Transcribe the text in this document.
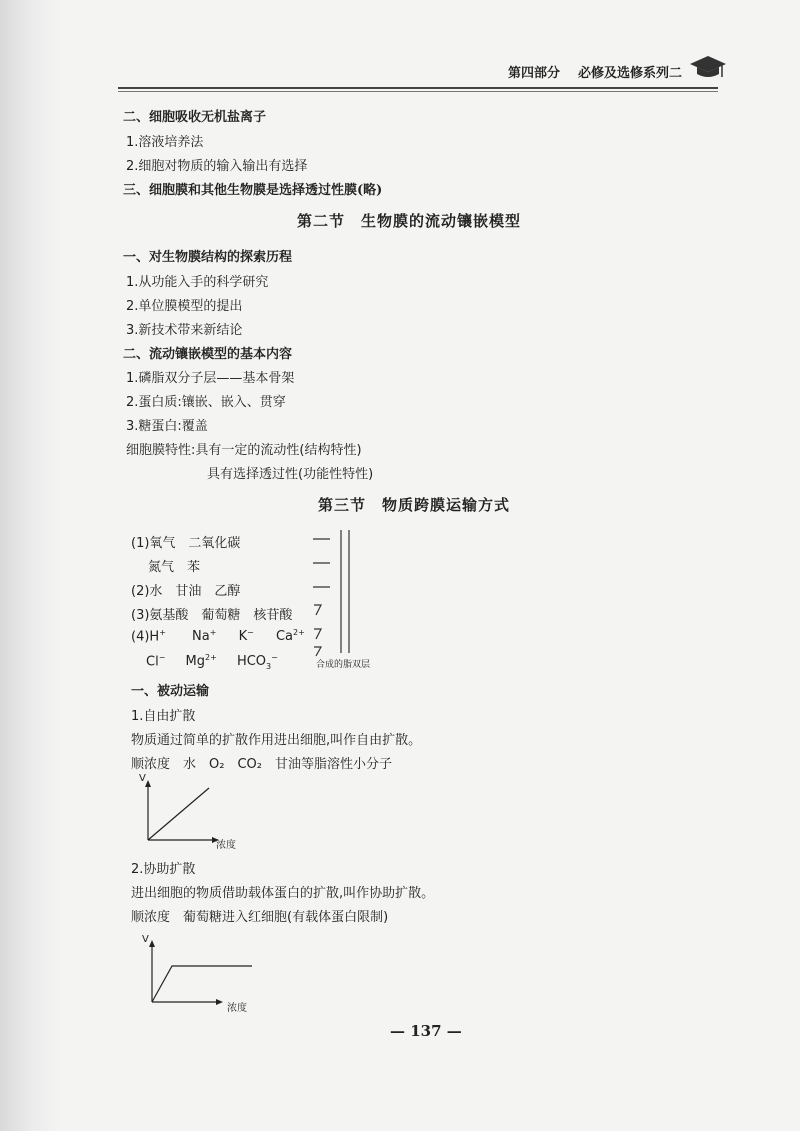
第四部分 必修及选修系列二
二、细胞吸收无机盐离子
1.溶液培养法
2.细胞对物质的输入输出有选择
三、细胞膜和其他生物膜是选择透过性膜(略)
第二节　生物膜的流动镶嵌模型
一、对生物膜结构的探索历程
1.从功能入手的科学研究
2.单位膜模型的提出
3.新技术带来新结论
二、流动镶嵌模型的基本内容
1.磷脂双分子层——基本骨架
2.蛋白质:镶嵌、嵌入、贯穿
3.糖蛋白:覆盖
细胞膜特性:具有一定的流动性(结构特性)
具有选择透过性(功能性特性)
第三节　物质跨膜运输方式
(1)氧气　二氧化碳
氮气　苯
(2)水　甘油　乙醇
(3)氨基酸　葡萄糖　核苷酸
(4)H+ Na+ K− $Ca^{2+}$
Cl− $Mg^{2+}$ $HCO_3^-$
合成的脂双层
一、被动运输
1.自由扩散
物质通过简单的扩散作用进出细胞,叫作自由扩散。
顺浓度　水　O₂　CO₂　甘油等脂溶性小分子
V
浓度
2.协助扩散
进出细胞的物质借助载体蛋白的扩散,叫作协助扩散。
顺浓度　葡萄糖进入红细胞(有载体蛋白限制)
V
浓度
— 137 —
